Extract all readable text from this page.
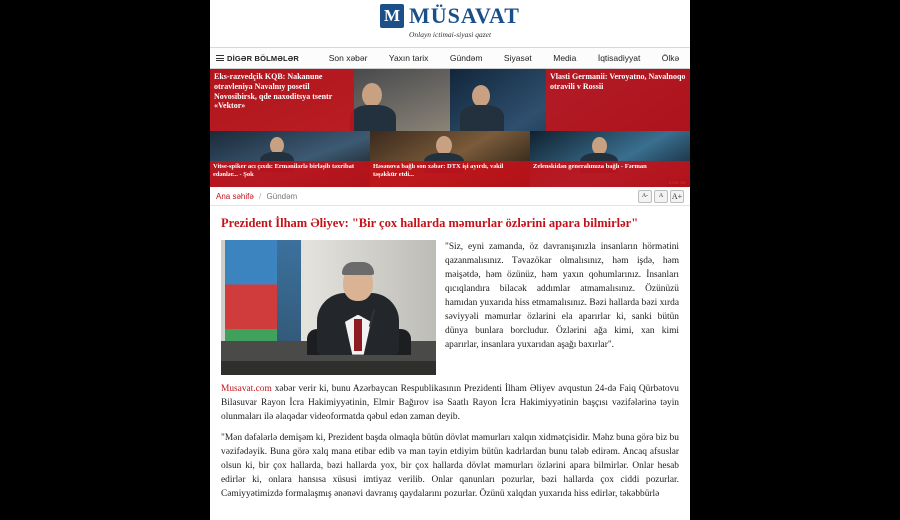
M MÜSAVAT
Onlayn ictimai-siyasi qazet
DİGƏR BÖLMƏLƏR	Son xəbər	Yaxın tarix	Gündəm	Siyasət	Media	İqtisadiyyat	Ölkə
Eks-razvedçik KQB: Nakanune otravleniya Navalnıy posetil Novosibirsk, qde naxoditsya tsentr «Vektor»
Vlasti Germanii: Veroyatno, Navalnoqo otravili v Rossii
Vitse-spiker acı çıxdı: Ermənilərlə birləşib təxribat edənlər... - Şok
Həsənova bağlı son xəbər: DTX işi ayırdı, vəkil təşəkkür etdi...
Zelenskidən generalımıza bağlı - Fərman
Ana səhifə / Gündəm	A-	A	A+
Prezident İlham Əliyev: "Bir çox hallarda məmurlar özlərini apara bilmirlər"
"Siz, eyni zamanda, öz davranışınızla insanların hörmətini qazanmalısınız. Təvazökar olmalısınız, həm işdə, həm məişətdə, həm özünüz, həm yaxın qohumlarınız. İnsanları qıcıqlandıra bilacək addımlar atmamalısınız. Özünüzü hamıdan yuxarıda hiss etmamalısınız. Bəzi hallarda bəzi xırda səviyyəli məmurlar özlarini ela aparırlar ki, sanki bütün dünya bunlara borcludur. Özlərini ağa kimi, xan kimi aparırlar, insanlara yuxarıdan aşağı baxırlar".
Musavat.com xəbər verir ki, bunu Azərbaycan Respublikasının Prezidenti İlham Əliyev avqustun 24-də Faiq Qürbətovu Bilasuvar Rayon İcra Hakimiyyətinin, Elmir Bağırov isə Saatlı Rayon İcra Hakimiyyətinin başçısı vəzifələrinə təyin olunmaları ilə əlaqədar videoformatda qəbul edən zaman deyib.
"Mən dəfələrlə demişəm ki, Prezident başda olmaqla bütün dövlət məmurları xalqın xidmətçisidir. Məhz buna görə biz bu vəzifədəyik. Buna görə xalq mana etibar edib və man təyin etdiyim bütün kadrlardan bunu tələb edirəm. Ancaq afsuslar olsun ki, bir çox hallarda, bəzi hallarda yox, bir çox hallarda dövlət məmurları özlərini apara bilmirlər. Onlar hesab edirlər ki, onlara hansısa xüsusi imtiyaz verilib. Onlar qanunları pozurlar, bəzi hallarda çox ciddi pozurlar. Cəmiyyətimizdə formalaşmış ənənəvi davranış qaydalarını pozurlar. Özünü xalqdan yuxarıda hiss edirlər, təkəbbürlə
